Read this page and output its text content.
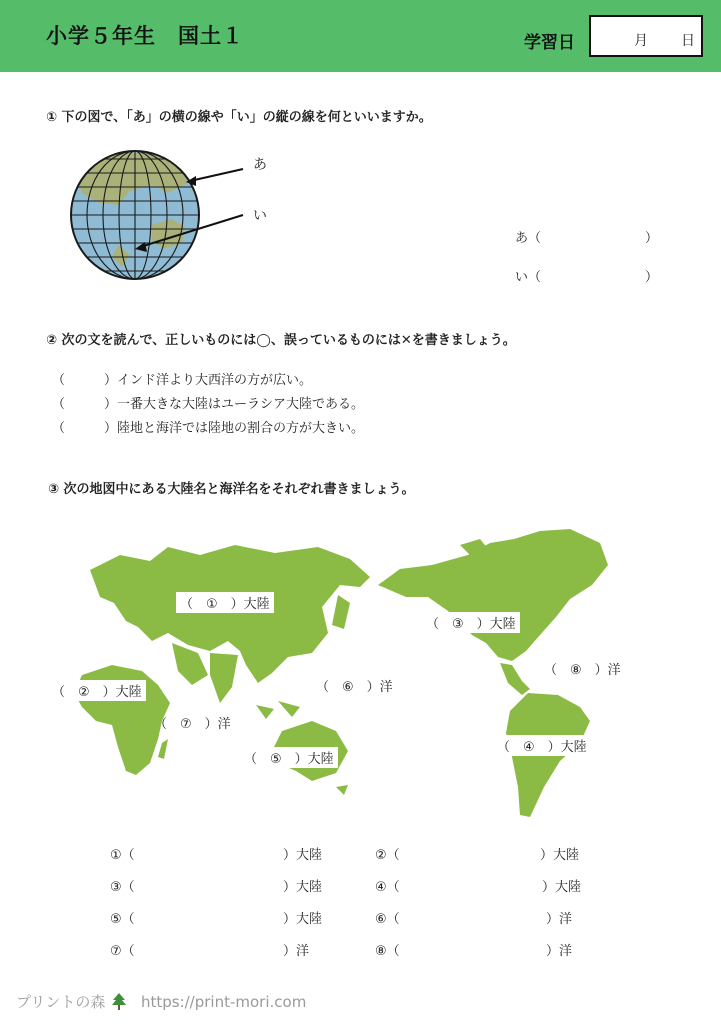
小学５年生　国土１	学習日	月 日
① 下の図で、「あ」の横の線や「い」の縦の線を何といいますか。
あ
い
あ（　　　　　　　　）
い（　　　　　　　　）
② 次の文を読んで、正しいものには◯、誤っているものには✕を書きましょう。
（　　　）インド洋より大西洋の方が広い。
（　　　）一番大きな大陸はユーラシア大陸である。
（　　　）陸地と海洋では陸地の割合の方が大きい。
③ 次の地図中にある大陸名と海洋名をそれぞれ書きましょう。
（　①　）大陸
（　②　）大陸
（　③　）大陸
（　④　）大陸
（　⑤　）大陸
（　⑥　）洋
（　⑦　）洋
（　⑧　）洋
①（	）大陸	②（	）大陸
③（	）大陸	④（	）大陸
⑤（	）大陸	⑥（	）洋
⑦（	）洋	⑧（	）洋
プリントの森 https://print-mori.com
